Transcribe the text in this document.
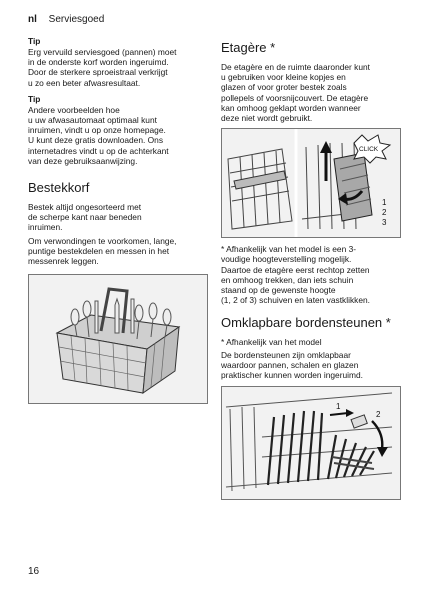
nl Serviesgoed
Tip
Erg vervuild serviesgoed (pannen) moet
in de onderste korf worden ingeruimd.
Door de sterkere sproeistraal verkrijgt
u zo een beter afwasresultaat.
Tip
Andere voorbeelden hoe
u uw afwasautomaat optimaal kunt
inruimen, vindt u op onze homepage.
U kunt deze gratis downloaden. Ons
internetadres vindt u op de achterkant
van deze gebruiksaanwijzing.
Bestekkorf
Bestek altijd ongesorteerd met
de scherpe kant naar beneden
inruimen.
Om verwondingen te voorkomen, lange,
puntige bestekdelen en messen in het
messenrek leggen.
Etagère *
De etagère en de ruimte daaronder kunt
u gebruiken voor kleine kopjes en
glazen of voor groter bestek zoals
pollepels of voorsnijcouvert. De etagère
kan omhoog geklapt worden wanneer
deze niet wordt gebruikt.
CLICK
1
2
3
* Afhankelijk van het model is een 3-
voudige hoogteverstelling mogelijk.
Daartoe de etagère eerst rechtop zetten
en omhoog trekken, dan iets schuin
staand op de gewenste hoogte
(1, 2 of 3) schuiven en laten vastklikken.
Omklapbare bordensteunen *
* Afhankelijk van het model
De bordensteunen zijn omklapbaar
waardoor pannen, schalen en glazen
praktischer kunnen worden ingeruimd.
1
2
16
